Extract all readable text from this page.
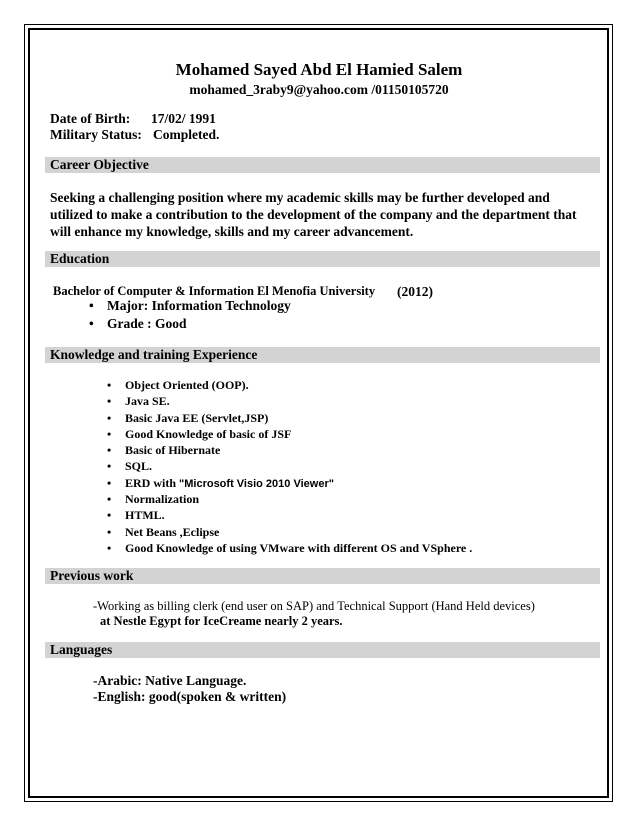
Mohamed Sayed Abd El Hamied Salem
mohamed_3raby9@yahoo.com /01150105720
Date of Birth: 17/02/ 1991
Military Status: Completed.
Career Objective
Seeking a challenging position where my academic skills may be further developed and
utilized to make a contribution to the development of the company and the department that
will enhance my knowledge, skills and my career advancement.
Education
Bachelor of Computer & Information El Menofia University (2012)
• Major: Information Technology
• Grade : Good
Knowledge and training Experience
• Object Oriented (OOP).
• Java SE.
• Basic Java EE (Servlet,JSP)
• Good Knowledge of basic of JSF
• Basic of Hibernate
• SQL.
• ERD with "Microsoft Visio 2010 Viewer"
• Normalization
• HTML.
• Net Beans ,Eclipse
• Good Knowledge of using VMware with different OS and VSphere .
Previous work
-Working as billing clerk (end user on SAP) and Technical Support (Hand Held devices)
at Nestle Egypt for IceCreame nearly 2 years.
Languages
-Arabic: Native Language.
-English: good(spoken & written)
